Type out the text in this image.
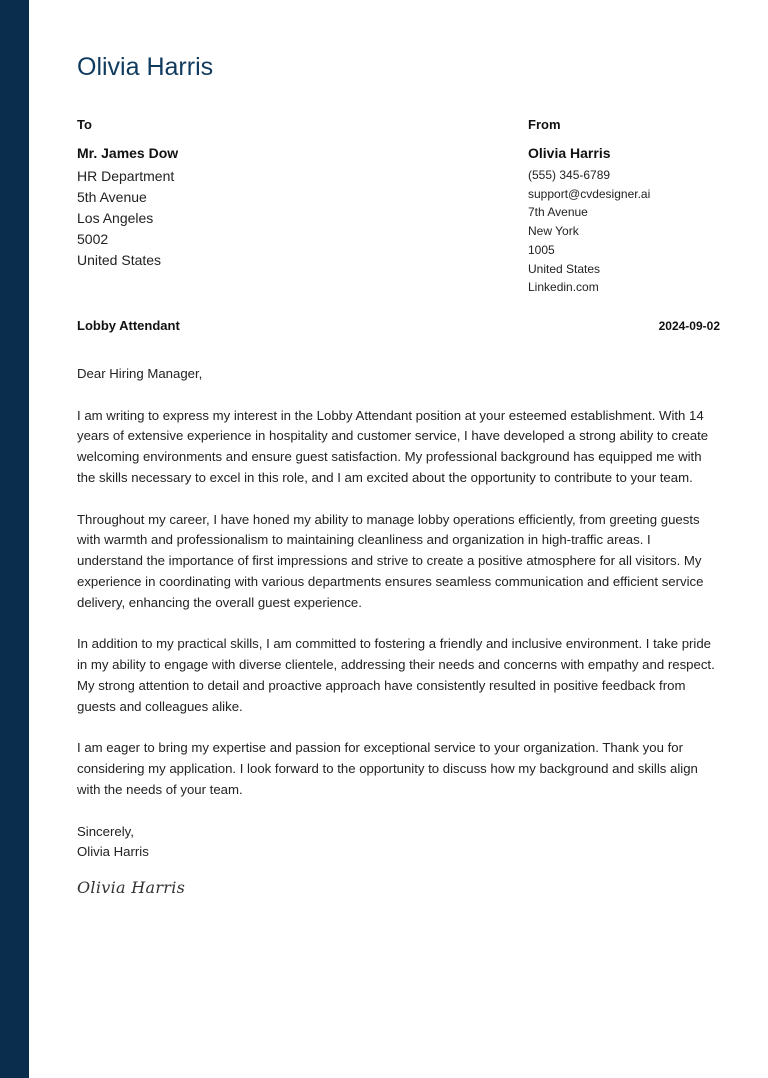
Olivia Harris
To
Mr. James Dow
HR Department
5th Avenue
Los Angeles
5002
United States
From
Olivia Harris
(555) 345-6789
support@cvdesigner.ai
7th Avenue
New York
1005
United States
Linkedin.com
Lobby Attendant	2024-09-02

Dear Hiring Manager,

I am writing to express my interest in the Lobby Attendant position at your esteemed establishment. With 14 years of extensive experience in hospitality and customer service, I have developed a strong ability to create welcoming environments and ensure guest satisfaction. My professional background has equipped me with the skills necessary to excel in this role, and I am excited about the opportunity to contribute to your team.

Throughout my career, I have honed my ability to manage lobby operations efficiently, from greeting guests with warmth and professionalism to maintaining cleanliness and organization in high-traffic areas. I understand the importance of first impressions and strive to create a positive atmosphere for all visitors. My experience in coordinating with various departments ensures seamless communication and efficient service delivery, enhancing the overall guest experience.

In addition to my practical skills, I am committed to fostering a friendly and inclusive environment. I take pride in my ability to engage with diverse clientele, addressing their needs and concerns with empathy and respect. My strong attention to detail and proactive approach have consistently resulted in positive feedback from guests and colleagues alike.

I am eager to bring my expertise and passion for exceptional service to your organization. Thank you for considering my application. I look forward to the opportunity to discuss how my background and skills align with the needs of your team.

Sincerely,
Olivia Harris
Olivia Harris
